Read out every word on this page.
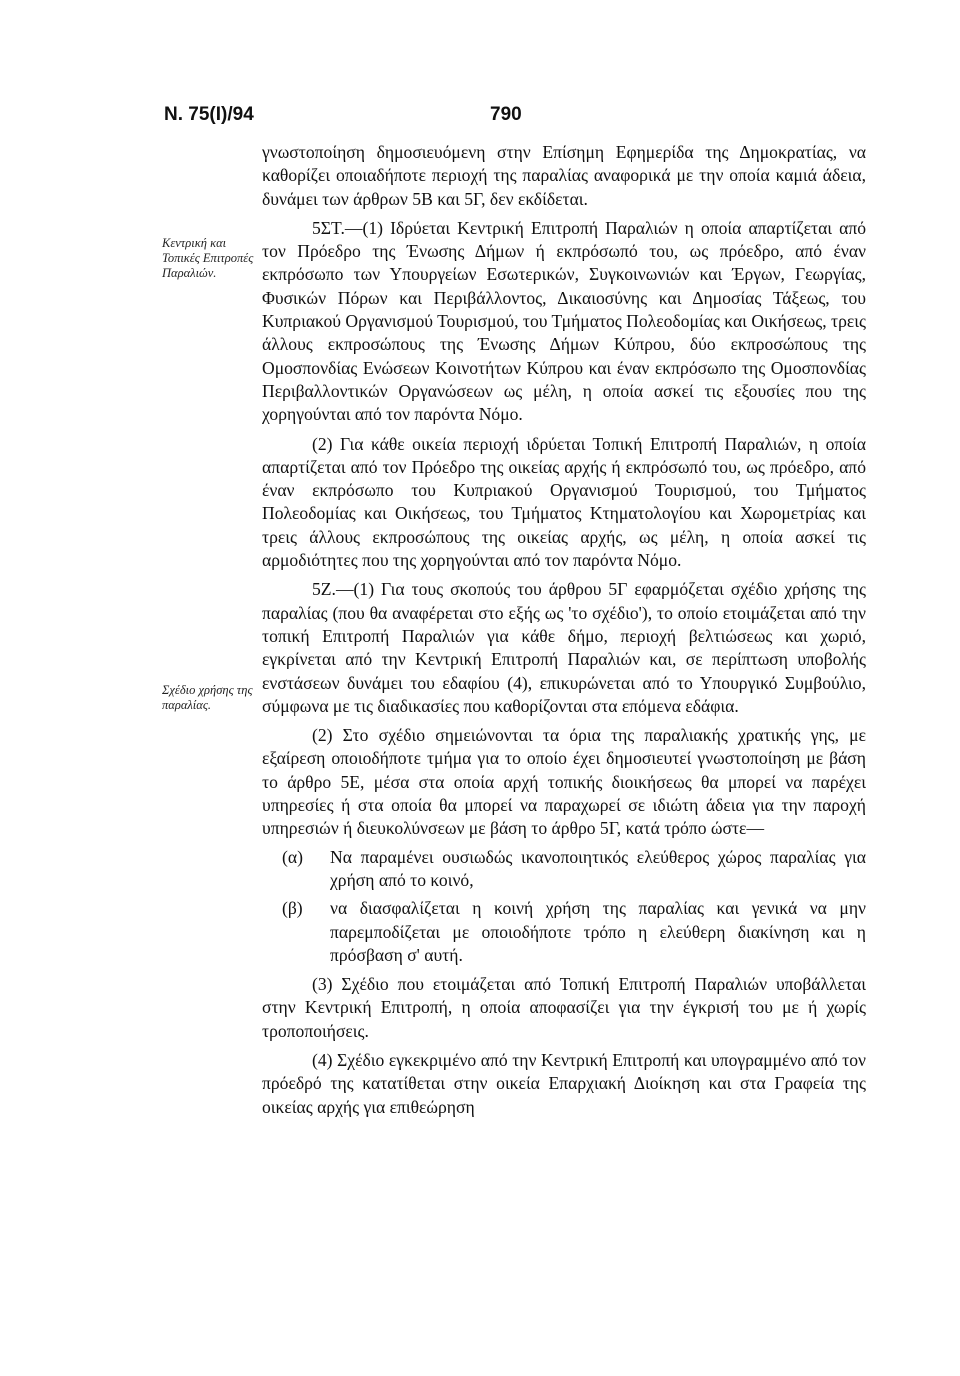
Ν. 75(Ι)/94	790
Κεντρική και Τοπικές Επιτροπές Παραλιών.
Σχέδιο χρήσης της παραλίας.

γνωστοποίηση δημοσιευόμενη στην Επίσημη Εφημερίδα της Δημοκρατίας, να καθορίζει οποιαδήποτε περιοχή της παραλίας αναφορικά με την οποία καμιά άδεια, δυνάμει των άρθρων 5Β και 5Γ, δεν εκδίδεται.

5ΣΤ.—(1) Ιδρύεται Κεντρική Επιτροπή Παραλιών η οποία απαρτίζεται από τον Πρόεδρο της Ένωσης Δήμων ή εκπρόσωπό του, ως πρόεδρο, από έναν εκπρόσωπο των Υπουργείων Εσωτερικών, Συγκοινωνιών και Έργων, Γεωργίας, Φυσικών Πόρων και Περιβάλλοντος, Δικαιοσύνης και Δημοσίας Τάξεως, του Κυπριακού Οργανισμού Τουρισμού, του Τμήματος Πολεοδομίας και Οικήσεως, τρεις άλλους εκπροσώπους της Ένωσης Δήμων Κύπρου, δύο εκπροσώπους της Ομοσπονδίας Ενώσεων Κοινοτήτων Κύπρου και έναν εκπρόσωπο της Ομοσπονδίας Περιβαλλοντικών Οργανώσεων ως μέλη, η οποία ασκεί τις εξουσίες που της χορηγούνται από τον παρόντα Νόμο.

(2) Για κάθε οικεία περιοχή ιδρύεται Τοπική Επιτροπή Παραλιών, η οποία απαρτίζεται από τον Πρόεδρο της οικείας αρχής ή εκπρόσωπό του, ως πρόεδρο, από έναν εκπρόσωπο του Κυπριακού Οργανισμού Τουρισμού, του Τμήματος Πολεοδομίας και Οικήσεως, του Τμήματος Κτηματολογίου και Χωρομετρίας και τρεις άλλους εκπροσώπους της οικείας αρχής, ως μέλη, η οποία ασκεί τις αρμοδιότητες που της χορηγούνται από τον παρόντα Νόμο.

5Ζ.—(1) Για τους σκοπούς του άρθρου 5Γ εφαρμόζεται σχέδιο χρήσης της παραλίας (που θα αναφέρεται στο εξής ως 'το σχέδιο'), το οποίο ετοιμάζεται από την τοπική Επιτροπή Παραλιών για κάθε δήμο, περιοχή βελτιώσεως και χωριό, εγκρίνεται από την Κεντρική Επιτροπή Παραλιών και, σε περίπτωση υποβολής ενστάσεων δυνάμει του εδαφίου (4), επικυρώνεται από το Υπουργικό Συμβούλιο, σύμφωνα με τις διαδικασίες που καθορίζονται στα επόμενα εδάφια.

(2) Στο σχέδιο σημειώνονται τα όρια της παραλιακής χρατικής γης, με εξαίρεση οποιοδήποτε τμήμα για το οποίο έχει δημοσιευτεί γνωστοποίηση με βάση το άρθρο 5Ε, μέσα στα οποία αρχή τοπικής διοικήσεως θα μπορεί να παρέχει υπηρεσίες ή στα οποία θα μπορεί να παραχωρεί σε ιδιώτη άδεια για την παροχή υπηρεσιών ή διευκολύνσεων με βάση το άρθρο 5Γ, κατά τρόπο ώστε—

(α)	Να παραμένει ουσιωδώς ικανοποιητικός ελεύθερος χώρος παραλίας για χρήση από το κοινό,
(β)	να διασφαλίζεται η κοινή χρήση της παραλίας και γενικά να μην παρεμποδίζεται με οποιοδήποτε τρόπο η ελεύθερη διακίνηση και η πρόσβαση σ' αυτή.

(3) Σχέδιο που ετοιμάζεται από Τοπική Επιτροπή Παραλιών υποβάλλεται στην Κεντρική Επιτροπή, η οποία αποφασίζει για την έγκρισή του με ή χωρίς τροποποιήσεις.

(4) Σχέδιο εγκεκριμένο από την Κεντρική Επιτροπή και υπογραμμένο από τον πρόεδρό της κατατίθεται στην οικεία Επαρχιακή Διοίκηση και στα Γραφεία της οικείας αρχής για επιθεώρηση
